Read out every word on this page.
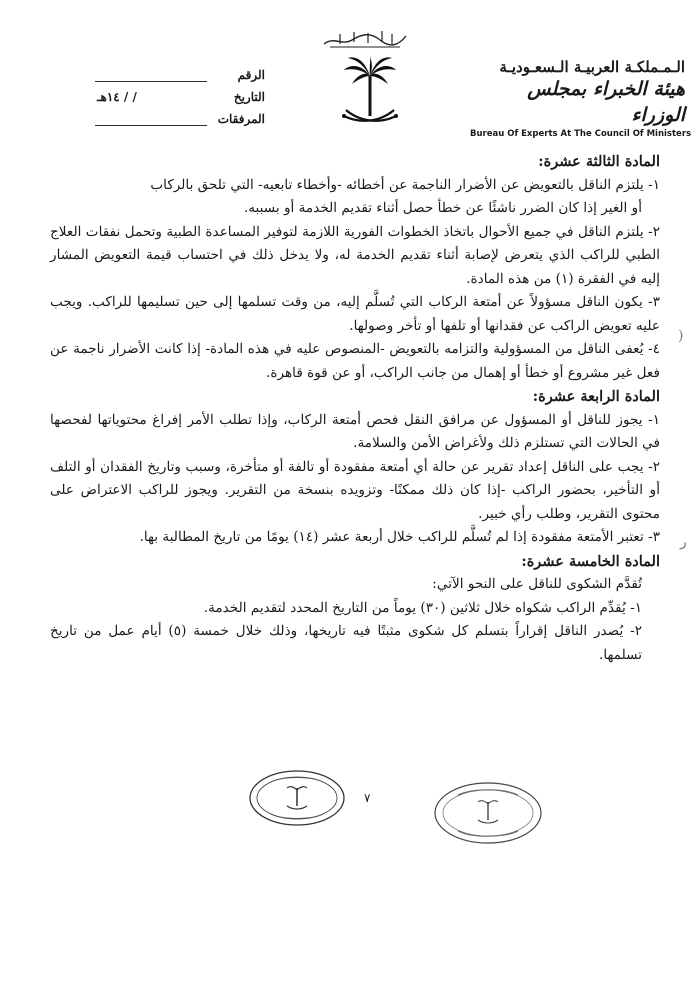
الـمـملكـة العربيـة الـسعـوديـة
هيئة الخبراء بمجلس الوزراء
Bureau Of Experts At The Council Of Ministers
الرقم
التاريخ
/ / ١٤هـ
المرفقات

المادة الثالثة عشرة:

١- يلتزم الناقل بالتعويض عن الأضرار الناجمة عن أخطائه -وأخطاء تابعيه- التي تلحق بالركاب

أو الغير إذا كان الضرر ناشئًا عن خطأ حصل أثناء تقديم الخدمة أو بسببه.

٢- يلتزم الناقل في جميع الأحوال باتخاذ الخطوات الفورية اللازمة لتوفير المساعدة الطبية وتحمل نفقات العلاج الطبي للراكب الذي يتعرض لإصابة أثناء تقديم الخدمة له، ولا يدخل ذلك في احتساب قيمة التعويض المشار إليه في الفقرة (١) من هذه المادة.

٣- يكون الناقل مسؤولاً عن أمتعة الركاب التي تُسلَّم إليه، من وقت تسلمها إلى حين تسليمها للراكب. ويجب عليه تعويض الراكب عن فقدانها أو تلفها أو تأخر وصولها.

٤- يُعفى الناقل من المسؤولية والتزامه بالتعويض -المنصوص عليه في هذه المادة- إذا كانت الأضرار ناجمة عن فعل غير مشروع أو خطأ أو إهمال من جانب الراكب، أو عن قوة قاهرة.

المادة الرابعة عشرة:

١- يجوز للناقل أو المسؤول عن مرافق النقل فحص أمتعة الركاب، وإذا تطلب الأمر إفراغ محتوياتها لفحصها في الحالات التي تستلزم ذلك ولأغراض الأمن والسلامة.

٢- يجب على الناقل إعداد تقرير عن حالة أي أمتعة مفقودة أو تالفة أو متأخرة، وسبب وتاريخ الفقدان أو التلف أو التأخير، بحضور الراكب -إذا كان ذلك ممكنًا- وتزويده بنسخة من التقرير. ويجوز للراكب الاعتراض على محتوى التقرير، وطلب رأي خبير.

٣- تعتبر الأمتعة مفقودة إذا لم تُسلَّم للراكب خلال أربعة عشر (١٤) يومًا من تاريخ المطالبة بها.

المادة الخامسة عشرة:

تُقدَّم الشكوى للناقل على النحو الآتي:

١- يُقدِّم الراكب شكواه خلال ثلاثين (٣٠) يوماً من التاريخ المحدد لتقديم الخدمة.

٢- يُصدر الناقل إقراراً بتسلم كل شكوى مثبتًا فيه تاريخها، وذلك خلال خمسة (٥) أيام عمل من تاريخ تسلمها.

)
ر
٧
